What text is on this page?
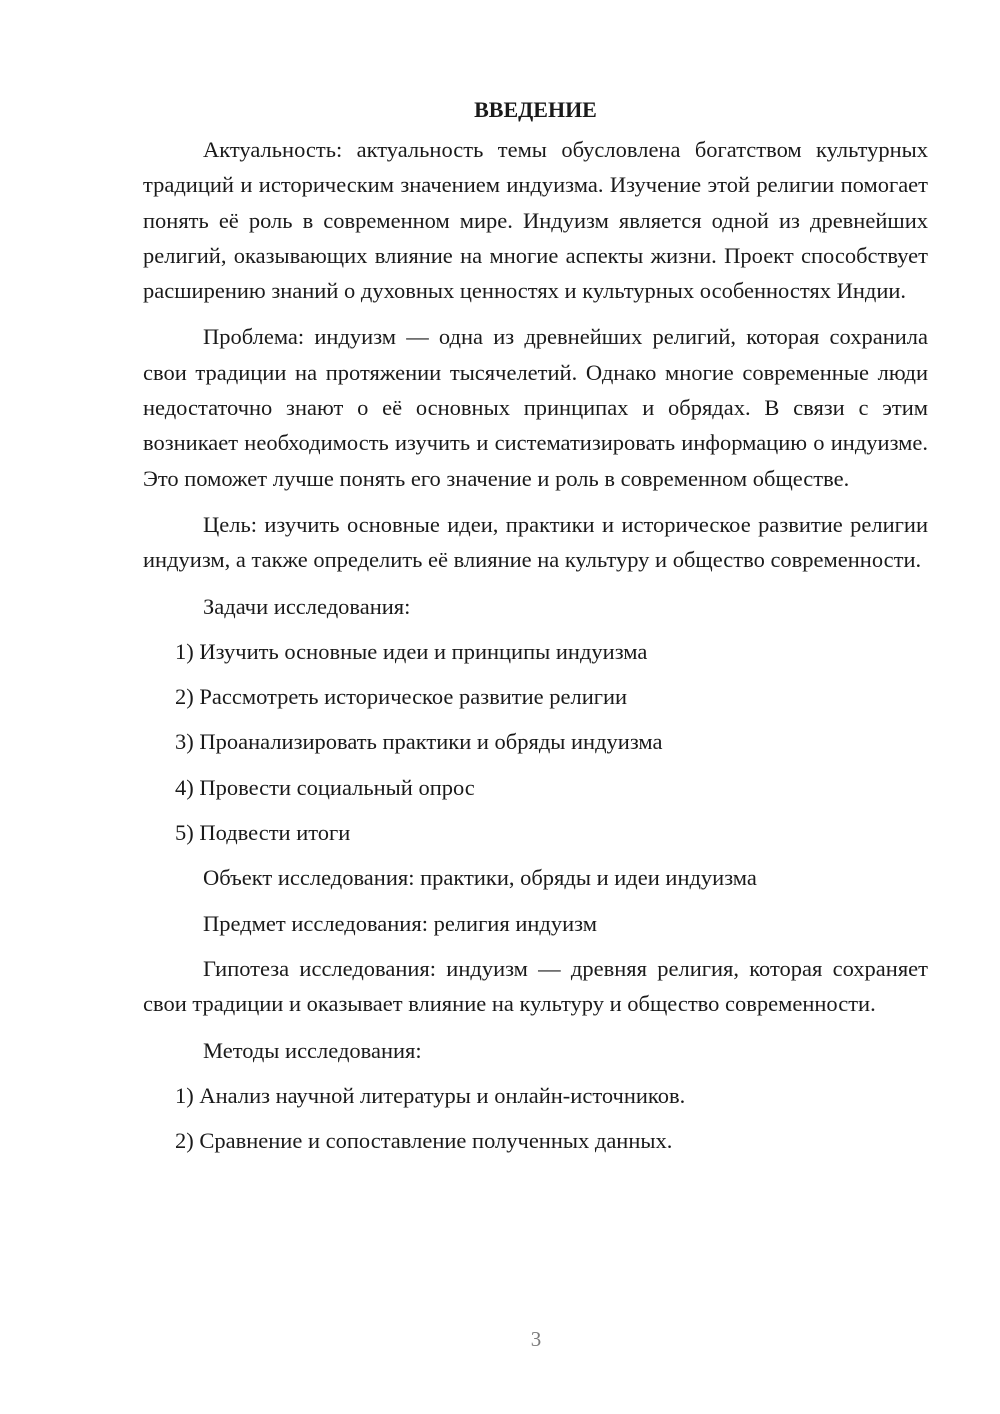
ВВЕДЕНИЕ

Актуальность: актуальность темы обусловлена богатством культурных традиций и историческим значением индуизма. Изучение этой религии помогает понять её роль в современном мире. Индуизм является одной из древнейших религий, оказывающих влияние на многие аспекты жизни. Проект способствует расширению знаний о духовных ценностях и культурных особенностях Индии.

Проблема: индуизм — одна из древнейших религий, которая сохранила свои традиции на протяжении тысячелетий. Однако многие современные люди недостаточно знают о её основных принципах и обрядах. В связи с этим возникает необходимость изучить и систематизировать информацию о индуизме. Это поможет лучше понять его значение и роль в современном обществе.

Цель: изучить основные идеи, практики и историческое развитие религии индуизм, а также определить её влияние на культуру и общество современности.

Задачи исследования:
1) Изучить основные идеи и принципы индуизма
2) Рассмотреть историческое развитие религии
3) Проанализировать практики и обряды индуизма
4) Провести социальный опрос
5) Подвести итоги
Объект исследования: практики, обряды и идеи индуизма
Предмет исследования: религия индуизм

Гипотеза исследования: индуизм — древняя религия, которая сохраняет свои традиции и оказывает влияние на культуру и общество современности.

Методы исследования:
1) Анализ научной литературы и онлайн-источников.
2) Сравнение и сопоставление полученных данных.
3
